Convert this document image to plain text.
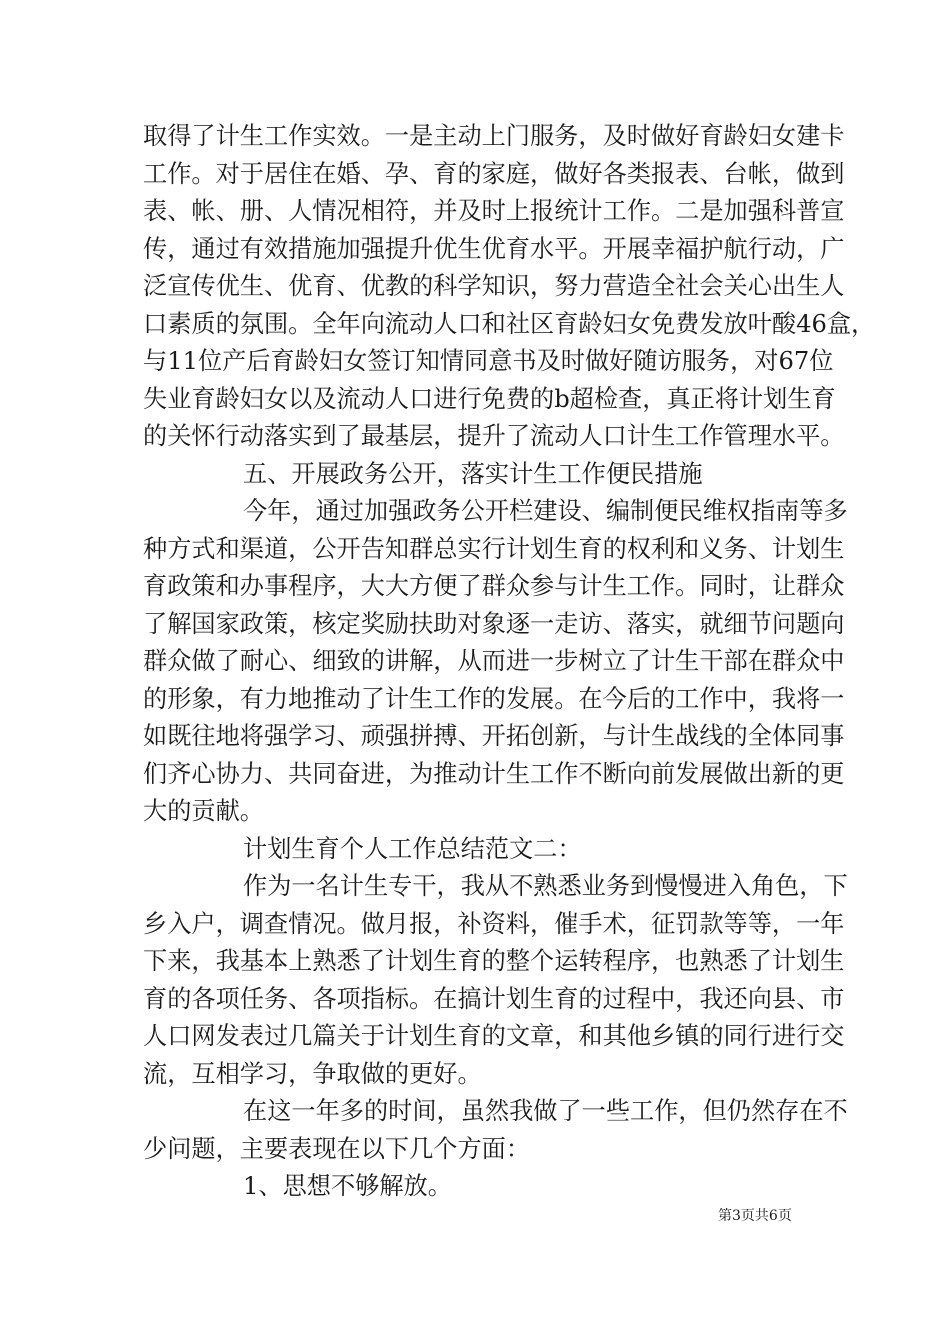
取得了计生工作实效。一是主动上门服务，及时做好育龄妇女建卡
工作。对于居住在婚、孕、育的家庭，做好各类报表、台帐，做到
表、帐、册、人情况相符，并及时上报统计工作。二是加强科普宣
传，通过有效措施加强提升优生优育水平。开展幸福护航行动，广
泛宣传优生、优育、优教的科学知识，努力营造全社会关心出生人
口素质的氛围。全年向流动人口和社区育龄妇女免费发放叶酸46盒，
与11位产后育龄妇女签订知情同意书及时做好随访服务，对67位
失业育龄妇女以及流动人口进行免费的b超检查，真正将计划生育
的关怀行动落实到了最基层，提升了流动人口计生工作管理水平。
五、开展政务公开，落实计生工作便民措施
今年，通过加强政务公开栏建设、编制便民维权指南等多
种方式和渠道，公开告知群总实行计划生育的权利和义务、计划生
育政策和办事程序，大大方便了群众参与计生工作。同时，让群众
了解国家政策，核定奖励扶助对象逐一走访、落实，就细节问题向
群众做了耐心、细致的讲解，从而进一步树立了计生干部在群众中
的形象，有力地推动了计生工作的发展。在今后的工作中，我将一
如既往地将强学习、顽强拼搏、开拓创新，与计生战线的全体同事
们齐心协力、共同奋进，为推动计生工作不断向前发展做出新的更
大的贡献。
计划生育个人工作总结范文二：
作为一名计生专干，我从不熟悉业务到慢慢进入角色，下
乡入户，调查情况。做月报，补资料，催手术，征罚款等等，一年
下来，我基本上熟悉了计划生育的整个运转程序，也熟悉了计划生
育的各项任务、各项指标。在搞计划生育的过程中，我还向县、市
人口网发表过几篇关于计划生育的文章，和其他乡镇的同行进行交
流，互相学习，争取做的更好。
在这一年多的时间，虽然我做了一些工作，但仍然存在不
少问题，主要表现在以下几个方面：
1、思想不够解放。
第3页共6页
